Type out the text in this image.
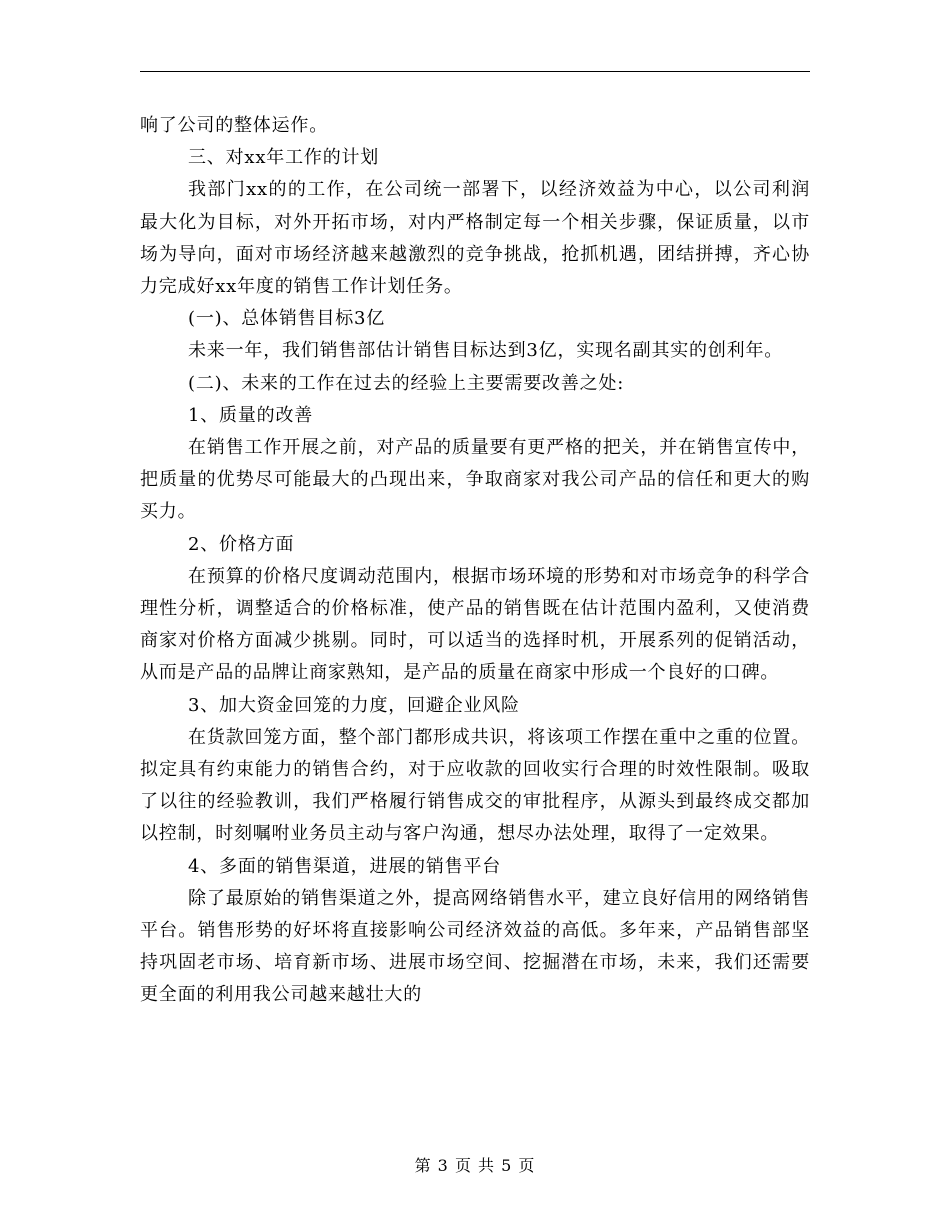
响了公司的整体运作。

三、对xx年工作的计划

我部门xx的的工作，在公司统一部署下，以经济效益为中心，以公司利润最大化为目标，对外开拓市场，对内严格制定每一个相关步骤，保证质量，以市场为导向，面对市场经济越来越激烈的竞争挑战，抢抓机遇，团结拼搏，齐心协力完成好xx年度的销售工作计划任务。

(一)、总体销售目标3亿

未来一年，我们销售部估计销售目标达到3亿，实现名副其实的创利年。

(二)、未来的工作在过去的经验上主要需要改善之处:

1、质量的改善

在销售工作开展之前，对产品的质量要有更严格的把关，并在销售宣传中，把质量的优势尽可能最大的凸现出来，争取商家对我公司产品的信任和更大的购买力。

2、价格方面

在预算的价格尺度调动范围内，根据市场环境的形势和对市场竞争的科学合理性分析，调整适合的价格标准，使产品的销售既在估计范围内盈利，又使消费商家对价格方面减少挑剔。同时，可以适当的选择时机，开展系列的促销活动，从而是产品的品牌让商家熟知，是产品的质量在商家中形成一个良好的口碑。

3、加大资金回笼的力度，回避企业风险

在货款回笼方面，整个部门都形成共识，将该项工作摆在重中之重的位置。拟定具有约束能力的销售合约，对于应收款的回收实行合理的时效性限制。吸取了以往的经验教训，我们严格履行销售成交的审批程序，从源头到最终成交都加以控制，时刻嘱咐业务员主动与客户沟通，想尽办法处理，取得了一定效果。

4、多面的销售渠道，进展的销售平台

除了最原始的销售渠道之外，提高网络销售水平，建立良好信用的网络销售平台。销售形势的好坏将直接影响公司经济效益的高低。多年来，产品销售部坚持巩固老市场、培育新市场、进展市场空间、挖掘潜在市场，未来，我们还需要更全面的利用我公司越来越壮大的

第 3 页 共 5 页
